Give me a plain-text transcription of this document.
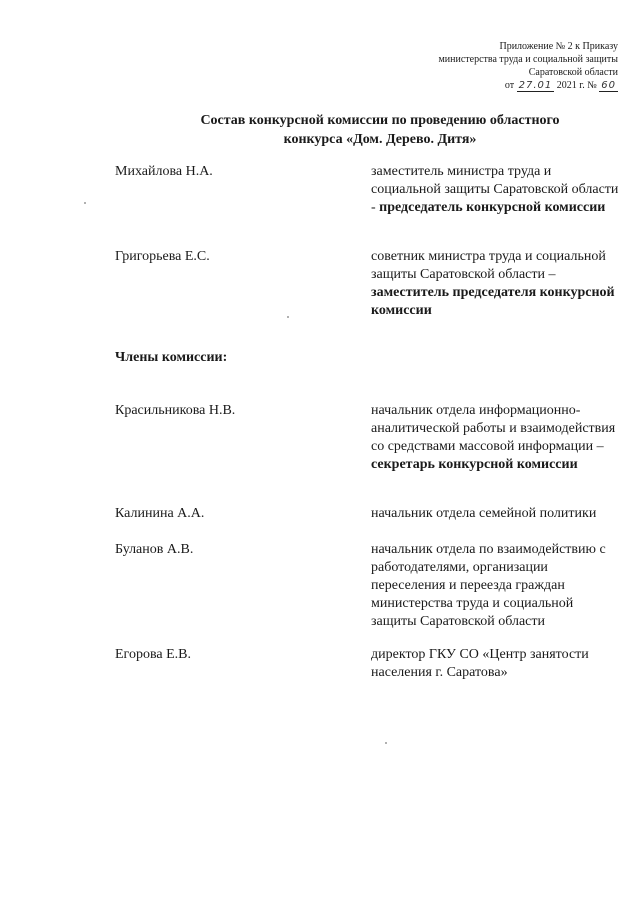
Приложение № 2 к Приказу
министерства труда и социальной защиты
Саратовской области
от 27.01 2021 г. № 60
Состав конкурсной комиссии по проведению областного
конкурса «Дом. Дерево. Дитя»
Михайлова Н.А.	заместитель министра труда и социальной защиты Саратовской области - председатель конкурсной комиссии
Григорьева Е.С.	советник министра труда и социальной защиты Саратовской области – заместитель председателя конкурсной комиссии
Члены комиссии:
Красильникова Н.В.	начальник отдела информационно-аналитической работы и взаимодействия со средствами массовой информации – секретарь конкурсной комиссии
Калинина А.А.	начальник отдела семейной политики
Буланов А.В.	начальник отдела по взаимодействию с работодателями, организации переселения и переезда граждан министерства труда и социальной защиты Саратовской области
Егорова Е.В.	директор ГКУ СО «Центр занятости населения г. Саратова»
